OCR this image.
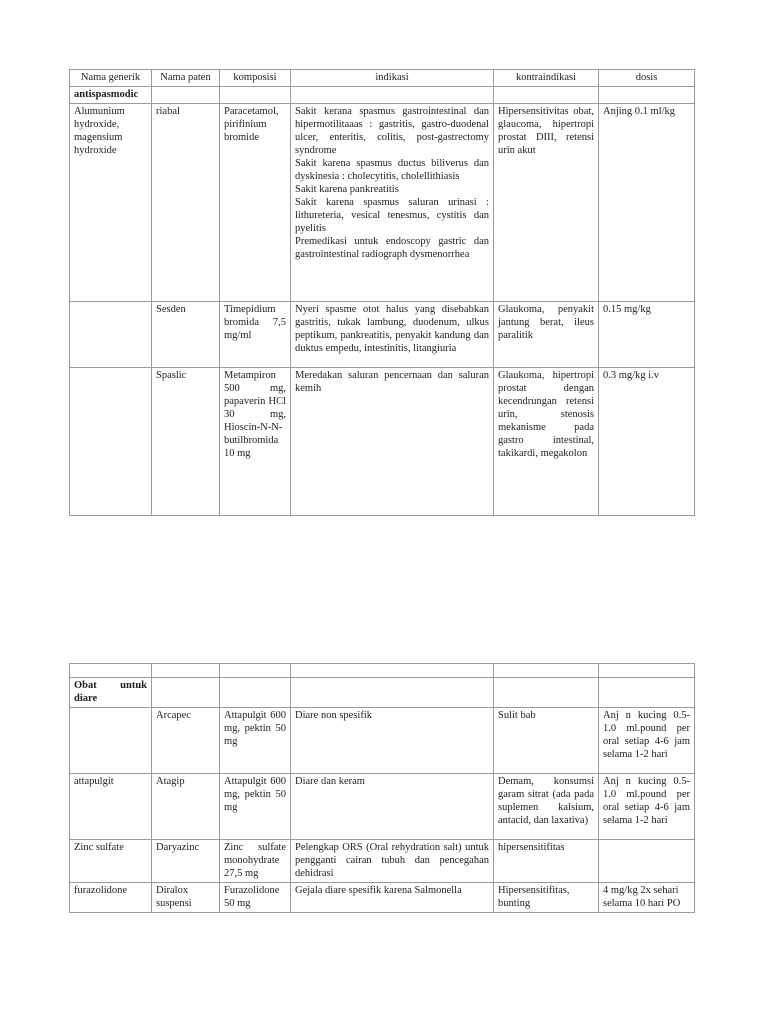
Nama generik	Nama paten	komposisi	indikasi	kontraindikasi	dosis
antispasmodic					
Alumunium hydroxide, magensium hydroxide	riabal	Paracetamol, pirifinium bromide	Sakit kerana spasmus gastrointestinal dan hipermotilitaaas : gastritis, gastro-duodenal ulcer, enteritis, colitis, post-gastrectomy syndrome
Sakit karena spasmus ductus biliverus dan dyskinesia : cholecytitis, cholellithiasis
Sakit karena pankreatitis
Sakit karena spasmus saluran urinasi : lithureteria, vesical tenesmus, cystitis dan pyelitis
Premedikasi untuk endoscopy gastric dan gastrointestinal radiograph dysmenorrhea	Hipersensitivitas obat, glaucoma, hipertropi prostat DIII, retensi urin akut	Anjing 0.1 ml/kg
	Sesden	Timepidium bromida 7,5 mg/ml	Nyeri spasme otot halus yang disebabkan gastritis, tukak lambung, duodenum, ulkus peptikum, pankreatitis, penyakit kandung dan duktus empedu, intestinitis, litangiuria	Glaukoma, penyakit jantung berat, ileus paralitik	0.15 mg/kg
	Spaslic	Metampiron 500 mg, papaverin HCl 30 mg, Hioscin-N-N-butilbromida 10 mg	Meredakan saluran pencernaan dan saluran kemih	Glaukoma, hipertropi prostat dengan kecendrungan retensi urin, stenosis mekanisme pada gastro intestinal, takikardi, megakolon	0.3 mg/kg i.v

Obat untuk diare					
	Arcapec	Attapulgit 600 mg, pektin 50 mg	Diare non spesifik	Sulit bab	Anj n kucing 0.5-1.0 ml.pound per oral setiap 4-6 jam selama 1-2 hari
attapulgit	Atagip	Attapulgit 600 mg, pektin 50 mg	Diare dan keram	Demam, konsumsi garam sitrat (ada pada suplemen kalsium, antacid, dan laxativa)	Anj n kucing 0.5-1.0 ml.pound per oral setiap 4-6 jam selama 1-2 hari
Zinc sulfate	Daryazinc	Zinc sulfate monohydrate 27,5 mg	Pelengkap ORS (Oral rehydration salt) untuk pengganti cairan tubuh dan pencegahan dehidrasi	hipersensitifitas	
furazolidone	Diralox suspensi	Furazolidone 50 mg	Gejala diare spesifik karena Salmonella	Hipersensitifitas, bunting	4 mg/kg 2x sehari selama 10 hari PO
